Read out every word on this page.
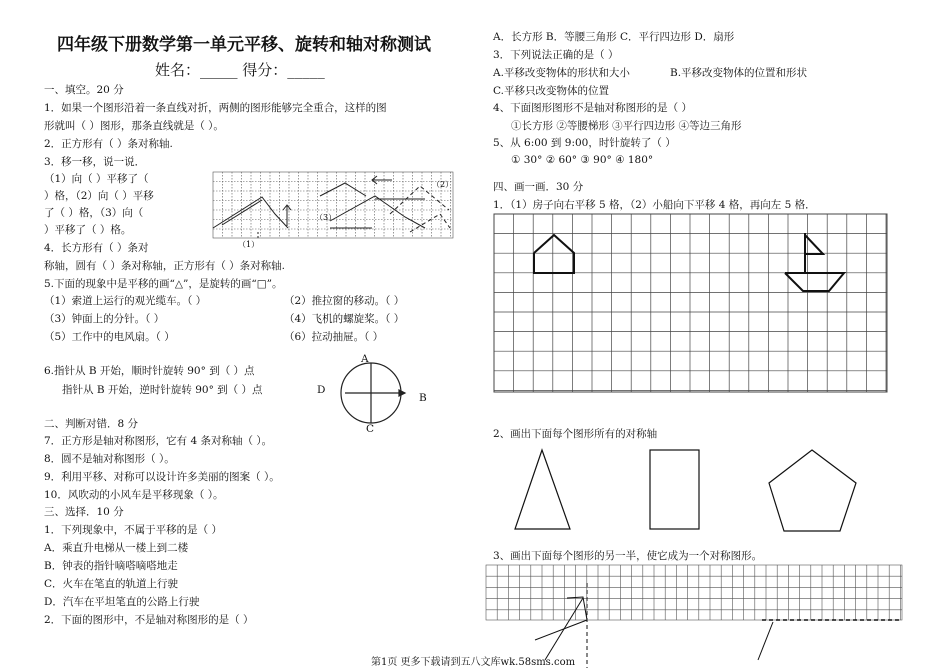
四年级下册数学第一单元平移、旋转和轴对称测试
姓名：_____ 得分：_____
一、填空。20 分
1．如果一个图形沿着一条直线对折，两侧的图形能够完全重合，这样的图
形就叫（ ）图形，那条直线就是（ ）。
2．正方形有（ ）条对称轴.
3．移一移，说一说．
（1）向（ ）平移了（
）格，（2）向（ ）平移
了（ ）格，（3）向（
）平移了（ ）格。
4．长方形有（ ）条对
称轴，圆有（ ）条对称轴，正方形有（ ）条对称轴.
5.下面的现象中是平移的画“△”，是旋转的画“□”。
（1）索道上运行的观光缆车。（ ）	（2）推拉窗的移动。（ ）
（3）钟面上的分针。（ ）	（4）飞机的螺旋桨。（ ）
（5）工作中的电风扇。（ ）	（6）拉动抽屉。（ ）
6.指针从 B 开始，顺时针旋转 90° 到（ ）点
指针从 B 开始，逆时针旋转 90° 到（ ）点
A
B
C
D
二、判断对错．8 分
7．正方形是轴对称图形，它有 4 条对称轴（ ）。
8．圆不是轴对称图形（ ）。
9．利用平移、对称可以设计许多美丽的图案（ ）。
10．风吹动的小风车是平移现象（ ）。
三、选择．10 分
1．下列现象中，不属于平移的是（ ）
A．乘直升电梯从一楼上到二楼
B．钟表的指针嘀嗒嘀嗒地走
C．火车在笔直的轨道上行驶
D．汽车在平坦笔直的公路上行驶
2．下面的图形中，不是轴对称图形的是（ ）
A．长方形 B．等腰三角形 C．平行四边形 D．扇形
3．下列说法正确的是（ ）
A.平移改变物体的形状和大小	B.平移改变物体的位置和形状
C.平移只改变物体的位置
4、下面图形图形不是轴对称图形的是（ ）
①长方形 ②等腰梯形 ③平行四边形 ④等边三角形
5、从 6:00 到 9:00，时针旋转了（ ）
① 30° ② 60° ③ 90° ④ 180°
四、画一画．30 分
1．（1）房子向右平移 5 格，（2）小船向下平移 4 格，再向左 5 格．
2、画出下面每个图形所有的对称轴
3、画出下面每个图形的另一半，使它成为一个对称图形。
第1页 更多下载请到五八文库wk.58sms.com
（1）
（2）
（3）
